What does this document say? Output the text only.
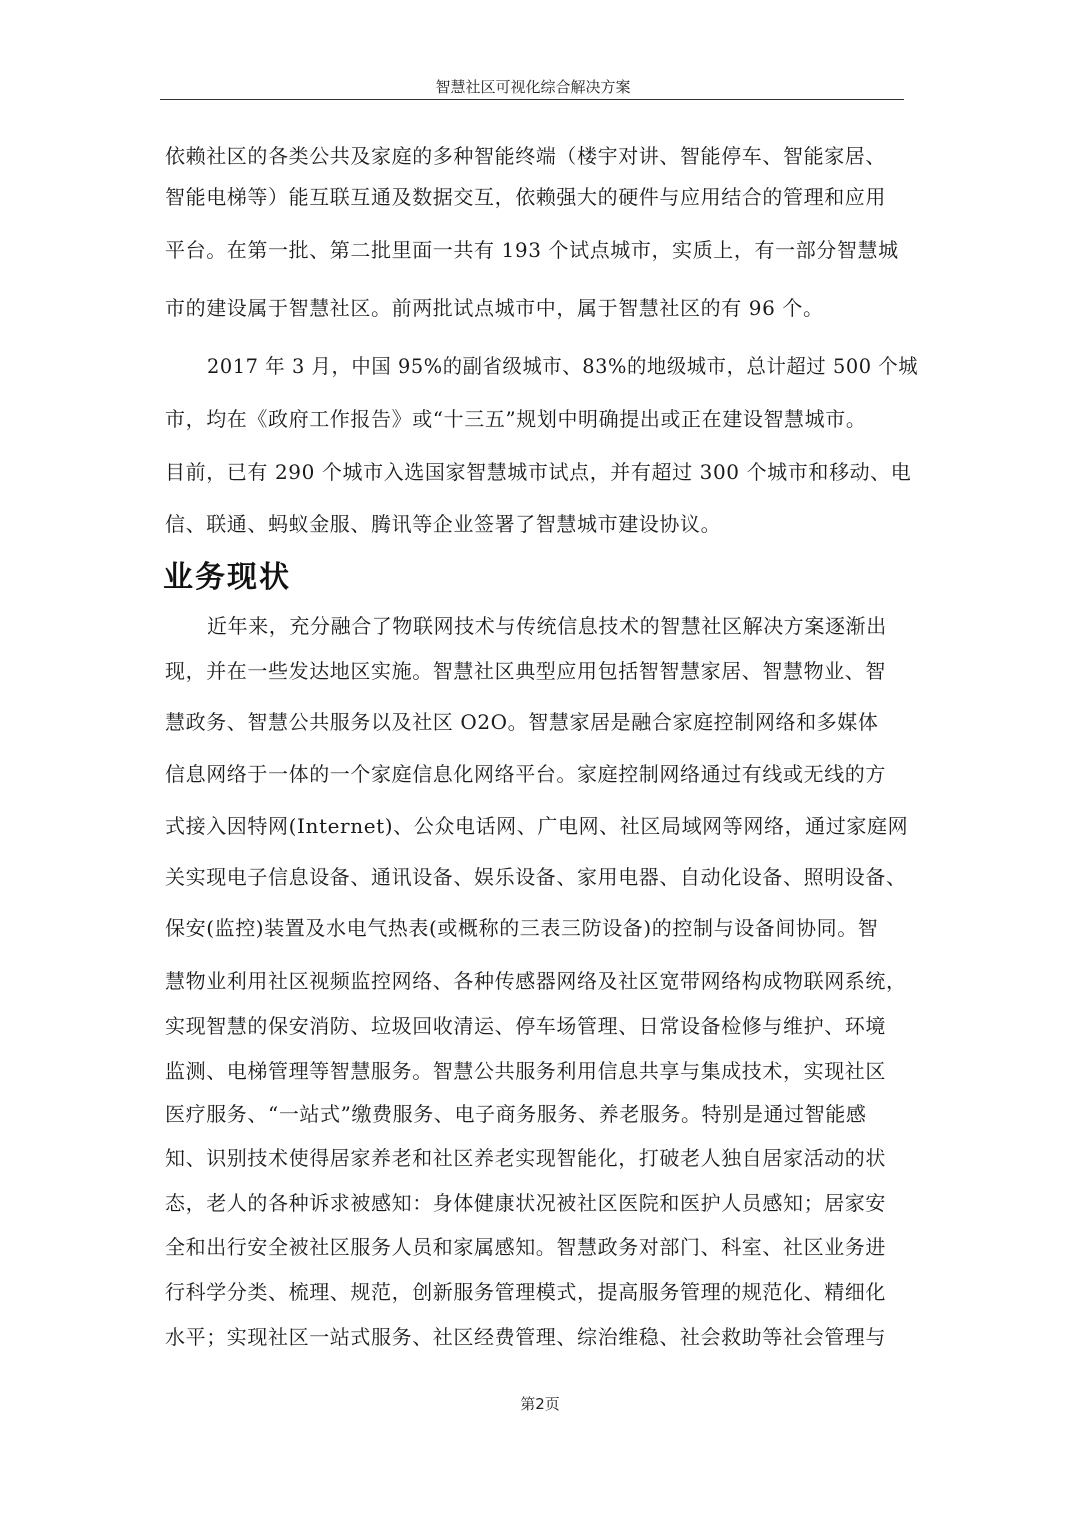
智慧社区可视化综合解决方案
依赖社区的各类公共及家庭的多种智能终端（楼宇对讲、智能停车、智能家居、
智能电梯等）能互联互通及数据交互，依赖强大的硬件与应用结合的管理和应用
平台。在第一批、第二批里面一共有 193 个试点城市，实质上，有一部分智慧城
市的建设属于智慧社区。前两批试点城市中，属于智慧社区的有 96 个。
2017 年 3 月，中国 95%的副省级城市、83%的地级城市，总计超过 500 个城
市，均在《政府工作报告》或“十三五”规划中明确提出或正在建设智慧城市。
目前，已有 290 个城市入选国家智慧城市试点，并有超过 300 个城市和移动、电
信、联通、蚂蚁金服、腾讯等企业签署了智慧城市建设协议。
业务现状
近年来，充分融合了物联网技术与传统信息技术的智慧社区解决方案逐渐出
现，并在一些发达地区实施。智慧社区典型应用包括智智慧家居、智慧物业、智
慧政务、智慧公共服务以及社区 O2O。智慧家居是融合家庭控制网络和多媒体
信息网络于一体的一个家庭信息化网络平台。家庭控制网络通过有线或无线的方
式接入因特网(Internet)、公众电话网、广电网、社区局域网等网络，通过家庭网
关实现电子信息设备、通讯设备、娱乐设备、家用电器、自动化设备、照明设备、
保安(监控)装置及水电气热表(或概称的三表三防设备)的控制与设备间协同。智
慧物业利用社区视频监控网络、各种传感器网络及社区宽带网络构成物联网系统，
实现智慧的保安消防、垃圾回收清运、停车场管理、日常设备检修与维护、环境
监测、电梯管理等智慧服务。智慧公共服务利用信息共享与集成技术，实现社区
医疗服务、“一站式”缴费服务、电子商务服务、养老服务。特别是通过智能感
知、识别技术使得居家养老和社区养老实现智能化，打破老人独自居家活动的状
态，老人的各种诉求被感知：身体健康状况被社区医院和医护人员感知；居家安
全和出行安全被社区服务人员和家属感知。智慧政务对部门、科室、社区业务进
行科学分类、梳理、规范，创新服务管理模式，提高服务管理的规范化、精细化
水平；实现社区一站式服务、社区经费管理、综治维稳、社会救助等社会管理与
第2页
